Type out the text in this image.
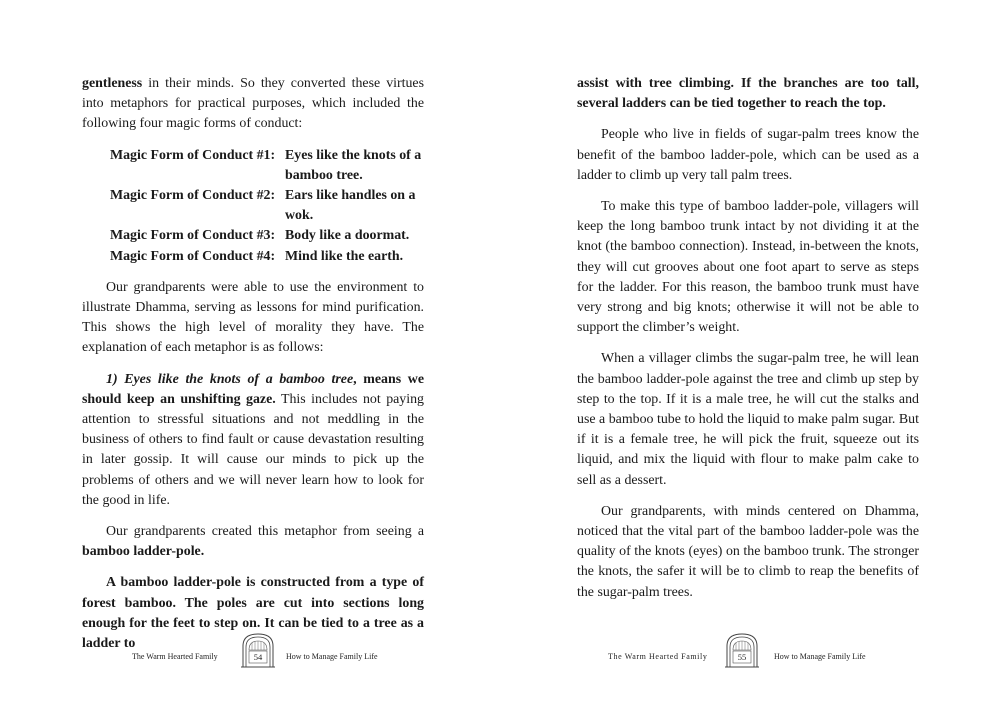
gentleness in their minds. So they converted these virtues into metaphors for practical purposes, which included the following four magic forms of conduct:

Magic Form of Conduct #1: Eyes like the knots of a bamboo tree.
Magic Form of Conduct #2: Ears like handles on a wok.
Magic Form of Conduct #3: Body like a doormat.
Magic Form of Conduct #4: Mind like the earth.

Our grandparents were able to use the environment to illustrate Dhamma, serving as lessons for mind purification. This shows the high level of morality they have. The explanation of each metaphor is as follows:

1) Eyes like the knots of a bamboo tree, means we should keep an unshifting gaze. This includes not paying attention to stressful situations and not meddling in the business of others to find fault or cause devastation resulting in later gossip. It will cause our minds to pick up the problems of others and we will never learn how to look for the good in life.

Our grandparents created this metaphor from seeing a bamboo ladder-pole.

A bamboo ladder-pole is constructed from a type of forest bamboo. The poles are cut into sections long enough for the feet to step on. It can be tied to a tree as a ladder to

The Warm Hearted Family	54	How to Manage Family Life

assist with tree climbing. If the branches are too tall, several ladders can be tied together to reach the top.

People who live in fields of sugar-palm trees know the benefit of the bamboo ladder-pole, which can be used as a ladder to climb up very tall palm trees.

To make this type of bamboo ladder-pole, villagers will keep the long bamboo trunk intact by not dividing it at the knot (the bamboo connection). Instead, in-between the knots, they will cut grooves about one foot apart to serve as steps for the ladder. For this reason, the bamboo trunk must have very strong and big knots; otherwise it will not be able to support the climber’s weight.

When a villager climbs the sugar-palm tree, he will lean the bamboo ladder-pole against the tree and climb up step by step to the top. If it is a male tree, he will cut the stalks and use a bamboo tube to hold the liquid to make palm sugar. But if it is a female tree, he will pick the fruit, squeeze out its liquid, and mix the liquid with flour to make palm cake to sell as a dessert.

Our grandparents, with minds centered on Dhamma, noticed that the vital part of the bamboo ladder-pole was the quality of the knots (eyes) on the bamboo trunk. The stronger the knots, the safer it will be to climb to reap the benefits of the sugar-palm trees.

The Warm Hearted Family	55	How to Manage Family Life
